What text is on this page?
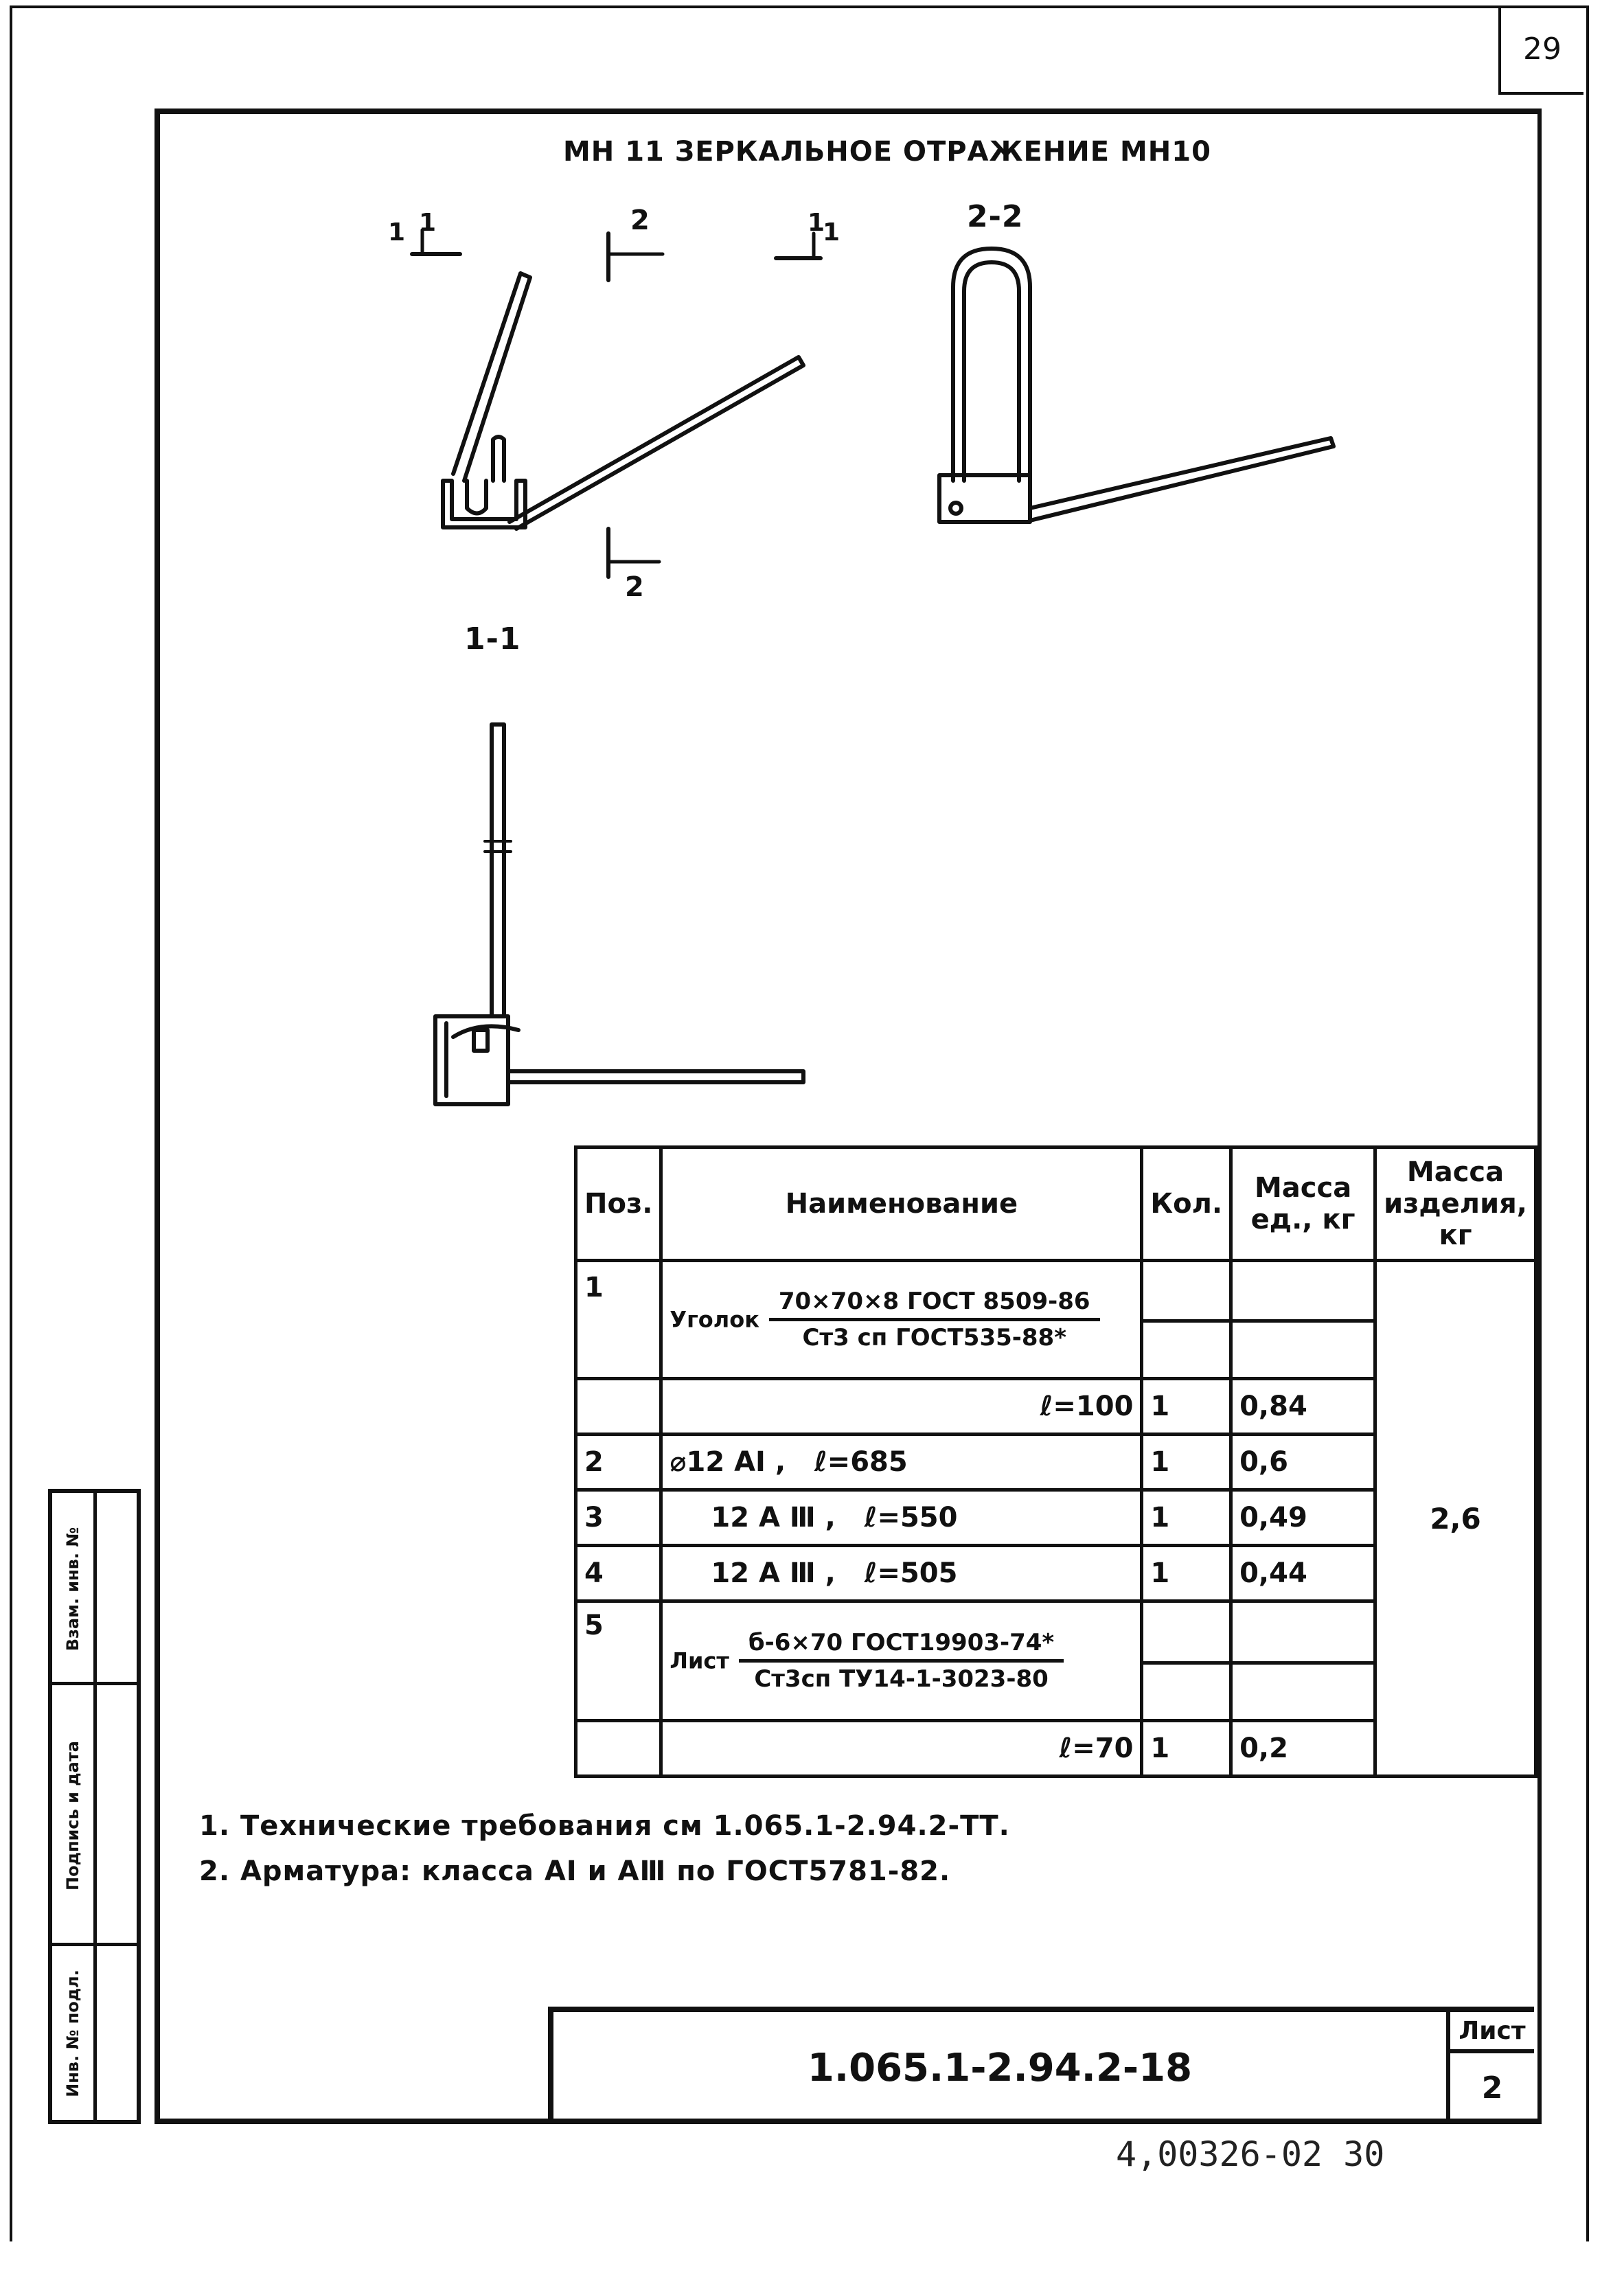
29
МН 11 ЗЕРКАЛЬНОЕ ОТРАЖЕНИЕ МН10
1 1	2	1
1	2-2
2
1-1
Поз.	Наименование	Кол.	Масса ед., кг	Масса изделия, кг
1	Уголок $\frac{\text{70×70×8 ГОСТ 8509-86}}{\text{Ст3 сп ГОСТ535-88*}}$			2,6

	ℓ=100	1	0,84	
2	⌀12 АI ,   ℓ=685	1	0,6	
3	12 А Ⅲ ,   ℓ=550	1	0,49	
4	12 А Ⅲ ,   ℓ=505	1	0,44	
5	Лист $\frac{\text{б-6×70 ГОСТ19903-74*}}{\text{Ст3сп ТУ14-1-3023-80}}$

	ℓ=70	1	0,2	
1. Технические требования см 1.065.1-2.94.2-ТТ.
2. Арматура: класса АI и АⅢ по ГОСТ5781-82.
Взам. инв. №
Подпись и дата
Инв. № подл.	1.065.1-2.94.2-18
Лист
2
4,00326-02 30
